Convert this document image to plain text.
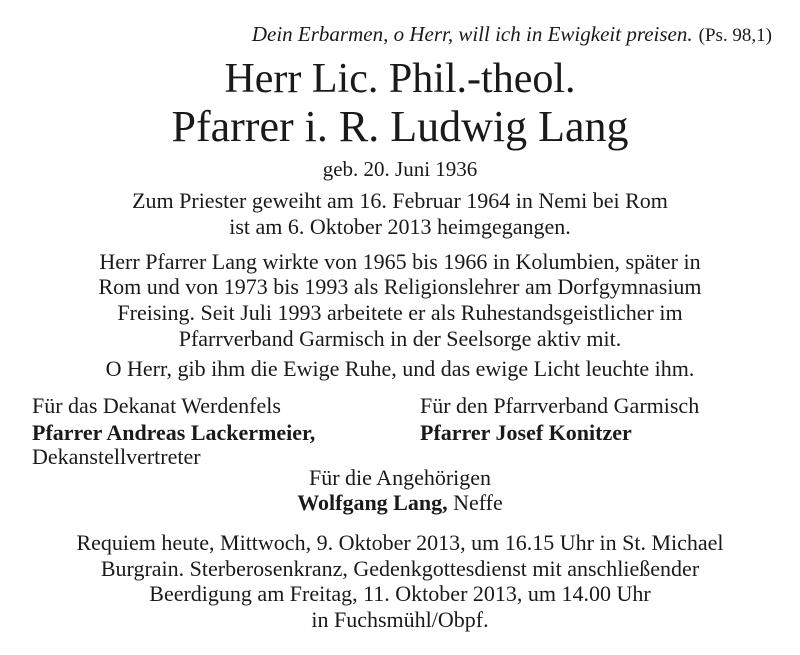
Dein Erbarmen, o Herr, will ich in Ewigkeit preisen. (Ps. 98,1)
Herr Lic. Phil.-theol.
Pfarrer i. R. Ludwig Lang
geb. 20. Juni 1936
Zum Priester geweiht am 16. Februar 1964 in Nemi bei Rom
ist am 6. Oktober 2013 heimgegangen.
Herr Pfarrer Lang wirkte von 1965 bis 1966 in Kolumbien, später in
Rom und von 1973 bis 1993 als Religionslehrer am Dorfgymnasium
Freising. Seit Juli 1993 arbeitete er als Ruhestandsgeistlicher im
Pfarrverband Garmisch in der Seelsorge aktiv mit.
O Herr, gib ihm die Ewige Ruhe, und das ewige Licht leuchte ihm.
Für das Dekanat Werdenfels
Pfarrer Andreas Lackermeier,
Dekanstellvertreter
Für den Pfarrverband Garmisch
Pfarrer Josef Konitzer
Für die Angehörigen
Wolfgang Lang, Neffe
Requiem heute, Mittwoch, 9. Oktober 2013, um 16.15 Uhr in St. Michael
Burgrain. Sterberosenkranz, Gedenkgottesdienst mit anschließender
Beerdigung am Freitag, 11. Oktober 2013, um 14.00 Uhr
in Fuchsmühl/Obpf.
